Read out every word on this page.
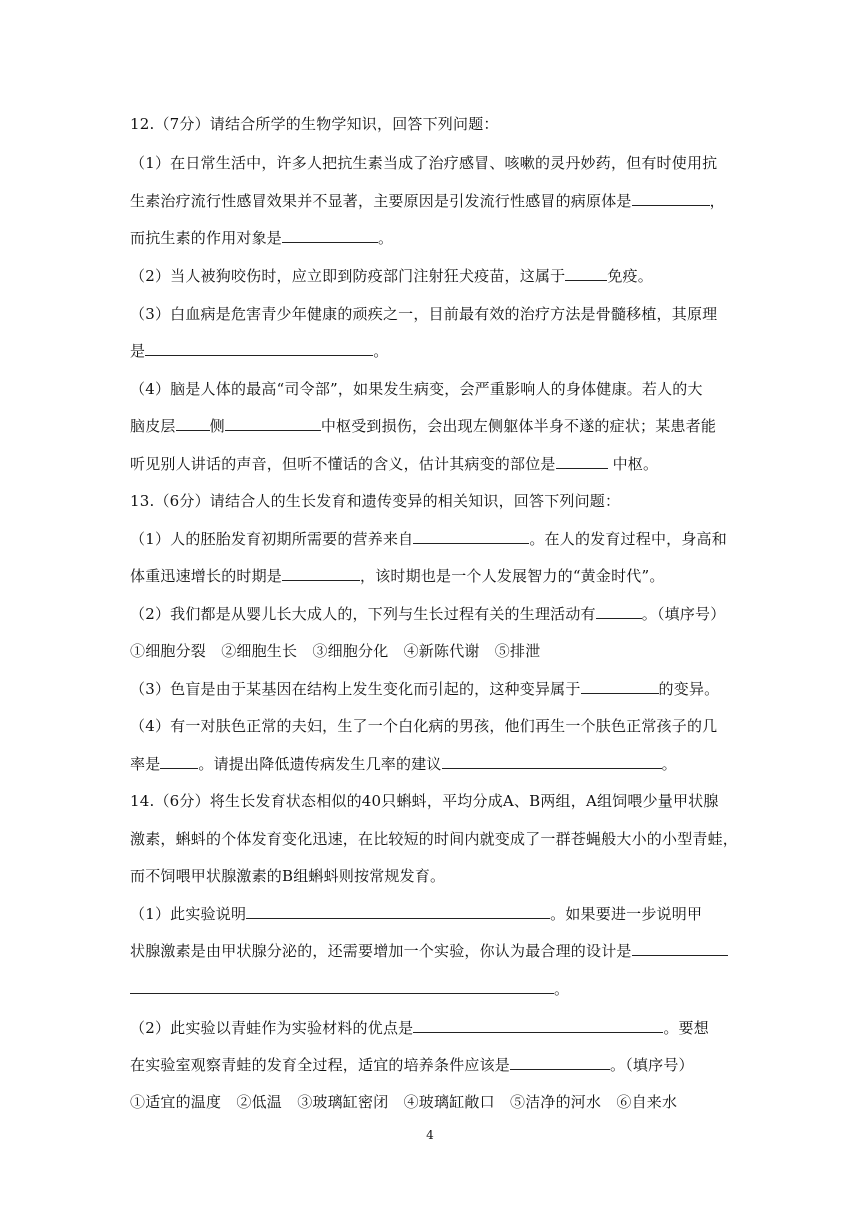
12.（7分）请结合所学的生物学知识，回答下列问题：
（1）在日常生活中，许多人把抗生素当成了治疗感冒、咳嗽的灵丹妙药，但有时使用抗
生素治疗流行性感冒效果并不显著，主要原因是引发流行性感冒的病原体是	，
而抗生素的作用对象是	。
（2）当人被狗咬伤时，应立即到防疫部门注射狂犬疫苗，这属于	免疫。
（3）白血病是危害青少年健康的顽疾之一，目前最有效的治疗方法是骨髓移植，其原理
是	。
（4）脑是人体的最高“司令部”，如果发生病变，会严重影响人的身体健康。若人的大
脑皮层 侧	中枢受到损伤，会出现左侧躯体半身不遂的症状；某患者能
听见别人讲话的声音，但听不懂话的含义，估计其病变的部位是	中枢。
13.（6分）请结合人的生长发育和遗传变异的相关知识，回答下列问题：
（1）人的胚胎发育初期所需要的营养来自	。在人的发育过程中，身高和
体重迅速增长的时期是	，该时期也是一个人发展智力的“黄金时代”。
（2）我们都是从婴儿长大成人的，下列与生长过程有关的生理活动有	。（填序号）
①细胞分裂　②细胞生长　③细胞分化　④新陈代谢　⑤排泄
（3）色盲是由于某基因在结构上发生变化而引起的，这种变异属于	的变异。
（4）有一对肤色正常的夫妇，生了一个白化病的男孩，他们再生一个肤色正常孩子的几
率是	。请提出降低遗传病发生几率的建议	。
14.（6分）将生长发育状态相似的40只蝌蚪，平均分成A、B两组，A组饲喂少量甲状腺
激素，蝌蚪的个体发育变化迅速，在比较短的时间内就变成了一群苍蝇般大小的小型青蛙，
而不饲喂甲状腺激素的B组蝌蚪则按常规发育。
（1）此实验说明	。如果要进一步说明甲
状腺激素是由甲状腺分泌的，还需要增加一个实验，你认为最合理的设计是
。
（2）此实验以青蛙作为实验材料的优点是	。要想
在实验室观察青蛙的发育全过程，适宜的培养条件应该是	。（填序号）
①适宜的温度　②低温　③玻璃缸密闭　④玻璃缸敞口　⑤洁净的河水　⑥自来水
4
